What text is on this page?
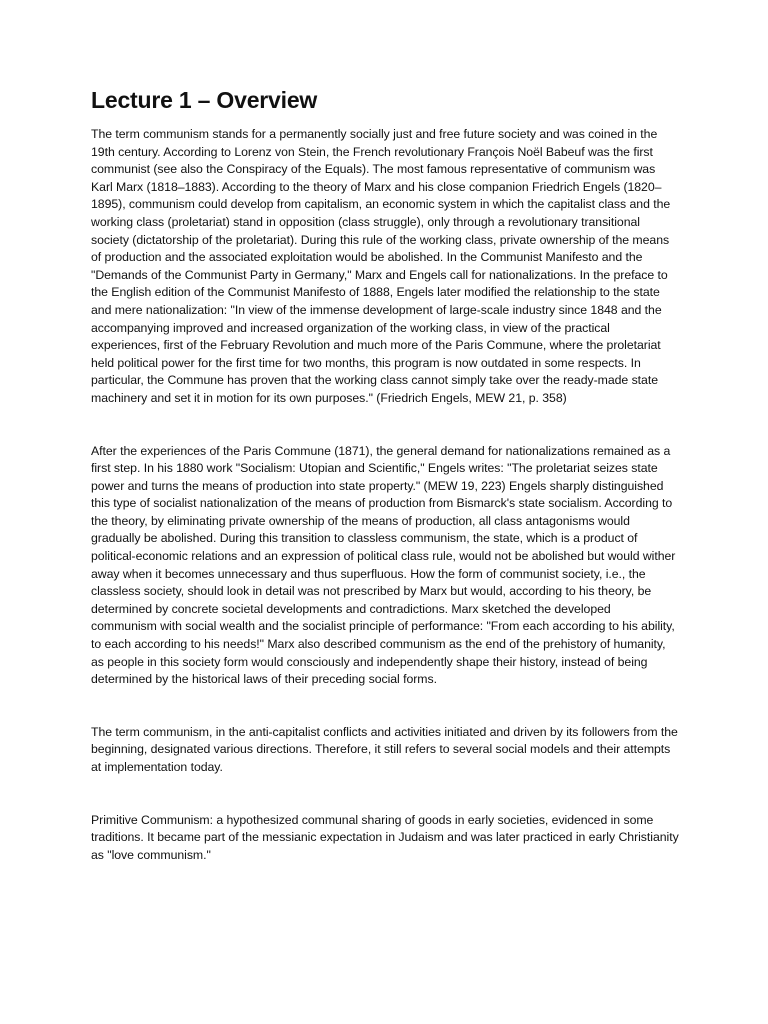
Lecture 1 – Overview

The term communism stands for a permanently socially just and free future society and was coined in the 19th century. According to Lorenz von Stein, the French revolutionary François Noël Babeuf was the first communist (see also the Conspiracy of the Equals). The most famous representative of communism was Karl Marx (1818–1883). According to the theory of Marx and his close companion Friedrich Engels (1820–1895), communism could develop from capitalism, an economic system in which the capitalist class and the working class (proletariat) stand in opposition (class struggle), only through a revolutionary transitional society (dictatorship of the proletariat). During this rule of the working class, private ownership of the means of production and the associated exploitation would be abolished. In the Communist Manifesto and the "Demands of the Communist Party in Germany," Marx and Engels call for nationalizations. In the preface to the English edition of the Communist Manifesto of 1888, Engels later modified the relationship to the state and mere nationalization: "In view of the immense development of large-scale industry since 1848 and the accompanying improved and increased organization of the working class, in view of the practical experiences, first of the February Revolution and much more of the Paris Commune, where the proletariat held political power for the first time for two months, this program is now outdated in some respects. In particular, the Commune has proven that the working class cannot simply take over the ready-made state machinery and set it in motion for its own purposes." (Friedrich Engels, MEW 21, p. 358)

After the experiences of the Paris Commune (1871), the general demand for nationalizations remained as a first step. In his 1880 work "Socialism: Utopian and Scientific," Engels writes: "The proletariat seizes state power and turns the means of production into state property." (MEW 19, 223) Engels sharply distinguished this type of socialist nationalization of the means of production from Bismarck's state socialism. According to the theory, by eliminating private ownership of the means of production, all class antagonisms would gradually be abolished. During this transition to classless communism, the state, which is a product of political-economic relations and an expression of political class rule, would not be abolished but would wither away when it becomes unnecessary and thus superfluous. How the form of communist society, i.e., the classless society, should look in detail was not prescribed by Marx but would, according to his theory, be determined by concrete societal developments and contradictions. Marx sketched the developed communism with social wealth and the socialist principle of performance: "From each according to his ability, to each according to his needs!" Marx also described communism as the end of the prehistory of humanity, as people in this society form would consciously and independently shape their history, instead of being determined by the historical laws of their preceding social forms.

The term communism, in the anti-capitalist conflicts and activities initiated and driven by its followers from the beginning, designated various directions. Therefore, it still refers to several social models and their attempts at implementation today.

Primitive Communism: a hypothesized communal sharing of goods in early societies, evidenced in some traditions. It became part of the messianic expectation in Judaism and was later practiced in early Christianity as "love communism."
